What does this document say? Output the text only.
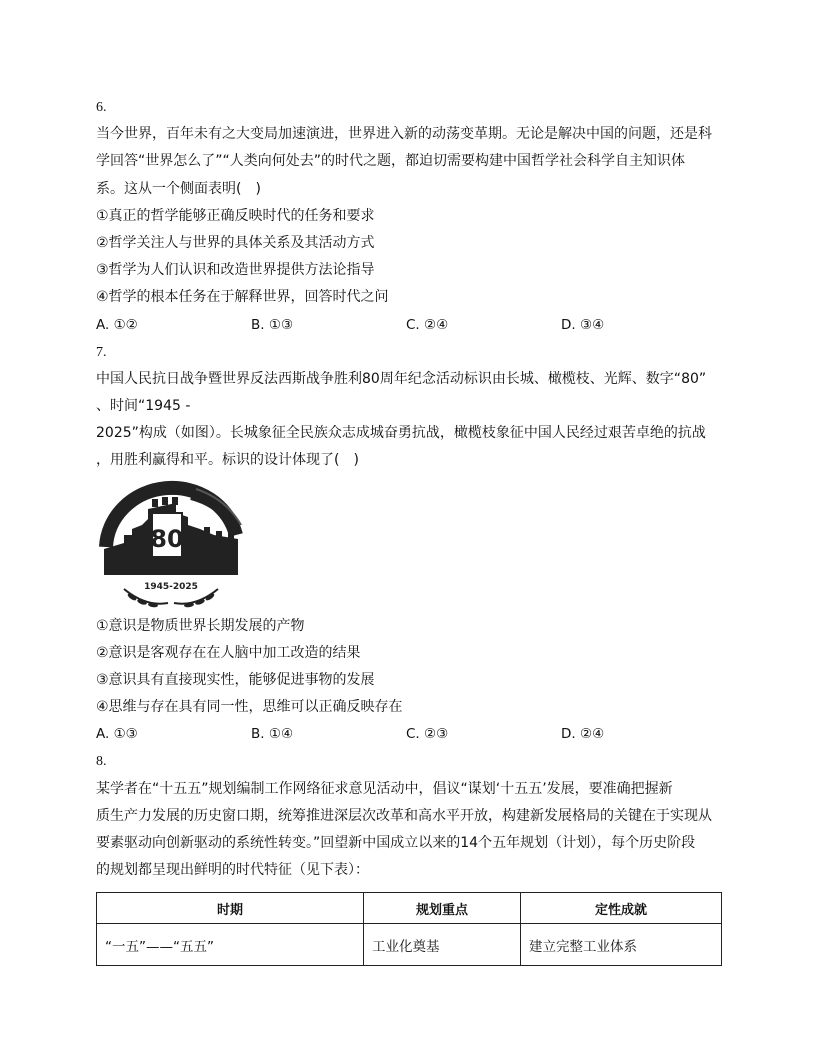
6.
当今世界，百年未有之大变局加速演进，世界进入新的动荡变革期。无论是解决中国的问题，还是科
学回答“世界怎么了”“人类向何处去”的时代之题，都迫切需要构建中国哲学社会科学自主知识体
系。这从一个侧面表明(　)
①真正的哲学能够正确反映时代的任务和要求
②哲学关注人与世界的具体关系及其活动方式
③哲学为人们认识和改造世界提供方法论指导
④哲学的根本任务在于解释世界，回答时代之问
A. ①②	B. ①③	C. ②④	D. ③④
7.
中国人民抗日战争暨世界反法西斯战争胜利80周年纪念活动标识由长城、橄榄枝、光辉、数字“80”
、时间“1945 -
2025”构成（如图）。长城象征全民族众志成城奋勇抗战，橄榄枝象征中国人民经过艰苦卓绝的抗战
，用胜利赢得和平。标识的设计体现了(　)
80
1945-2025
①意识是物质世界长期发展的产物
②意识是客观存在在人脑中加工改造的结果
③意识具有直接现实性，能够促进事物的发展
④思维与存在具有同一性，思维可以正确反映存在
A. ①③	B. ①④	C. ②③	D. ②④
8.
某学者在“十五五”规划编制工作网络征求意见活动中，倡议“谋划‘十五五’发展，要准确把握新
质生产力发展的历史窗口期，统筹推进深层次改革和高水平开放，构建新发展格局的关键在于实现从
要素驱动向创新驱动的系统性转变。”回望新中国成立以来的14个五年规划（计划），每个历史阶段
的规划都呈现出鲜明的时代特征（见下表）：
时期	规划重点	定性成就
“一五”——“五五”	工业化奠基	建立完整工业体系
